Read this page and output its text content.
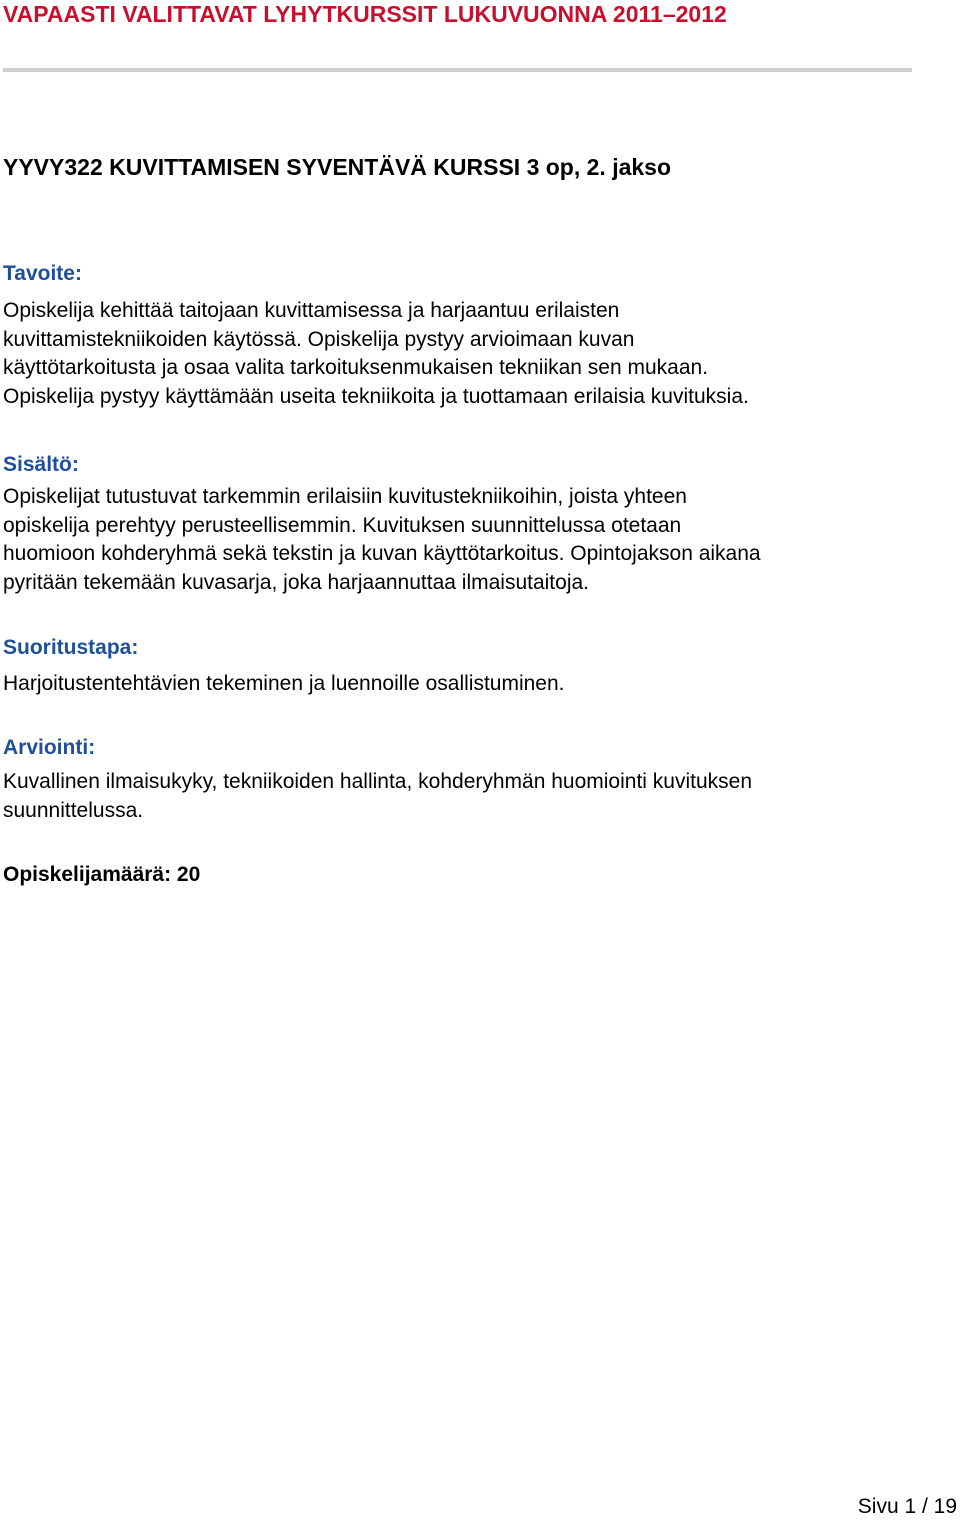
VAPAASTI VALITTAVAT LYHYTKURSSIT LUKUVUONNA 2011–2012
YYVY322 KUVITTAMISEN SYVENTÄVÄ KURSSI 3 op, 2. jakso
Tavoite:
Opiskelija kehittää taitojaan kuvittamisessa ja harjaantuu erilaisten
kuvittamistekniikoiden käytössä. Opiskelija pystyy arvioimaan kuvan
käyttötarkoitusta ja osaa valita tarkoituksenmukaisen tekniikan sen mukaan.
Opiskelija pystyy käyttämään useita tekniikoita ja tuottamaan erilaisia kuvituksia.
Sisältö:
Opiskelijat tutustuvat tarkemmin erilaisiin kuvitustekniikoihin, joista yhteen
opiskelija perehtyy perusteellisemmin. Kuvituksen suunnittelussa otetaan
huomioon kohderyhmä sekä tekstin ja kuvan käyttötarkoitus. Opintojakson aikana
pyritään tekemään kuvasarja, joka harjaannuttaa ilmaisutaitoja.
Suoritustapa:
Harjoitustentehtävien tekeminen ja luennoille osallistuminen.
Arviointi:
Kuvallinen ilmaisukyky, tekniikoiden hallinta, kohderyhmän huomiointi kuvituksen
suunnittelussa.
Opiskelijamäärä: 20
Sivu 1 / 19
